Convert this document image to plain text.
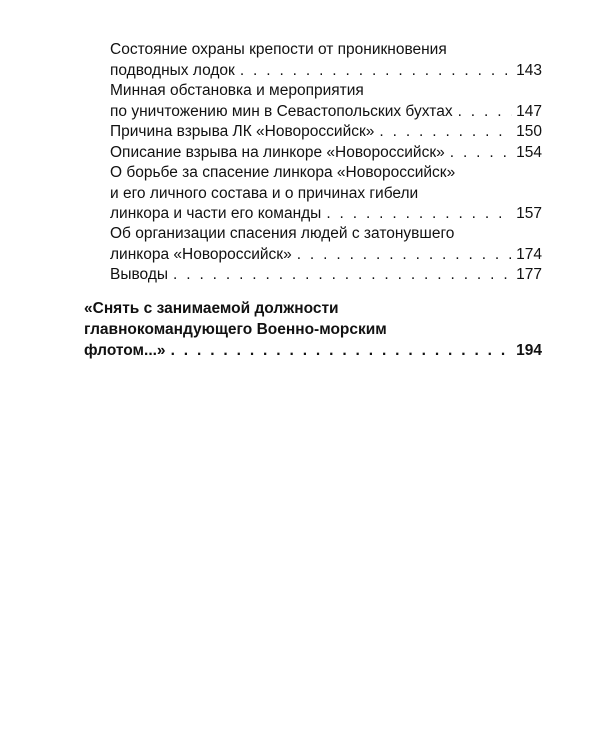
Состояние охраны крепости от проникновения
подводных лодок . . .	143
Минная обстановка и мероприятия
по уничтожению мин в Севастопольских бухтах . . .	147
Причина взрыва ЛК «Новороссийск» . . .	150
Описание взрыва на линкоре «Новороссийск» . . .	154
О борьбе за спасение линкора «Новороссийск»
и его личного состава и о причинах гибели
линкора и части его команды . . .	157
Об организации спасения людей с затонувшего
линкора «Новороссийск» . . .	174
Выводы . . .	177
«Снять с занимаемой должности
главнокомандующего Военно-морским
флотом...» . . .	194
